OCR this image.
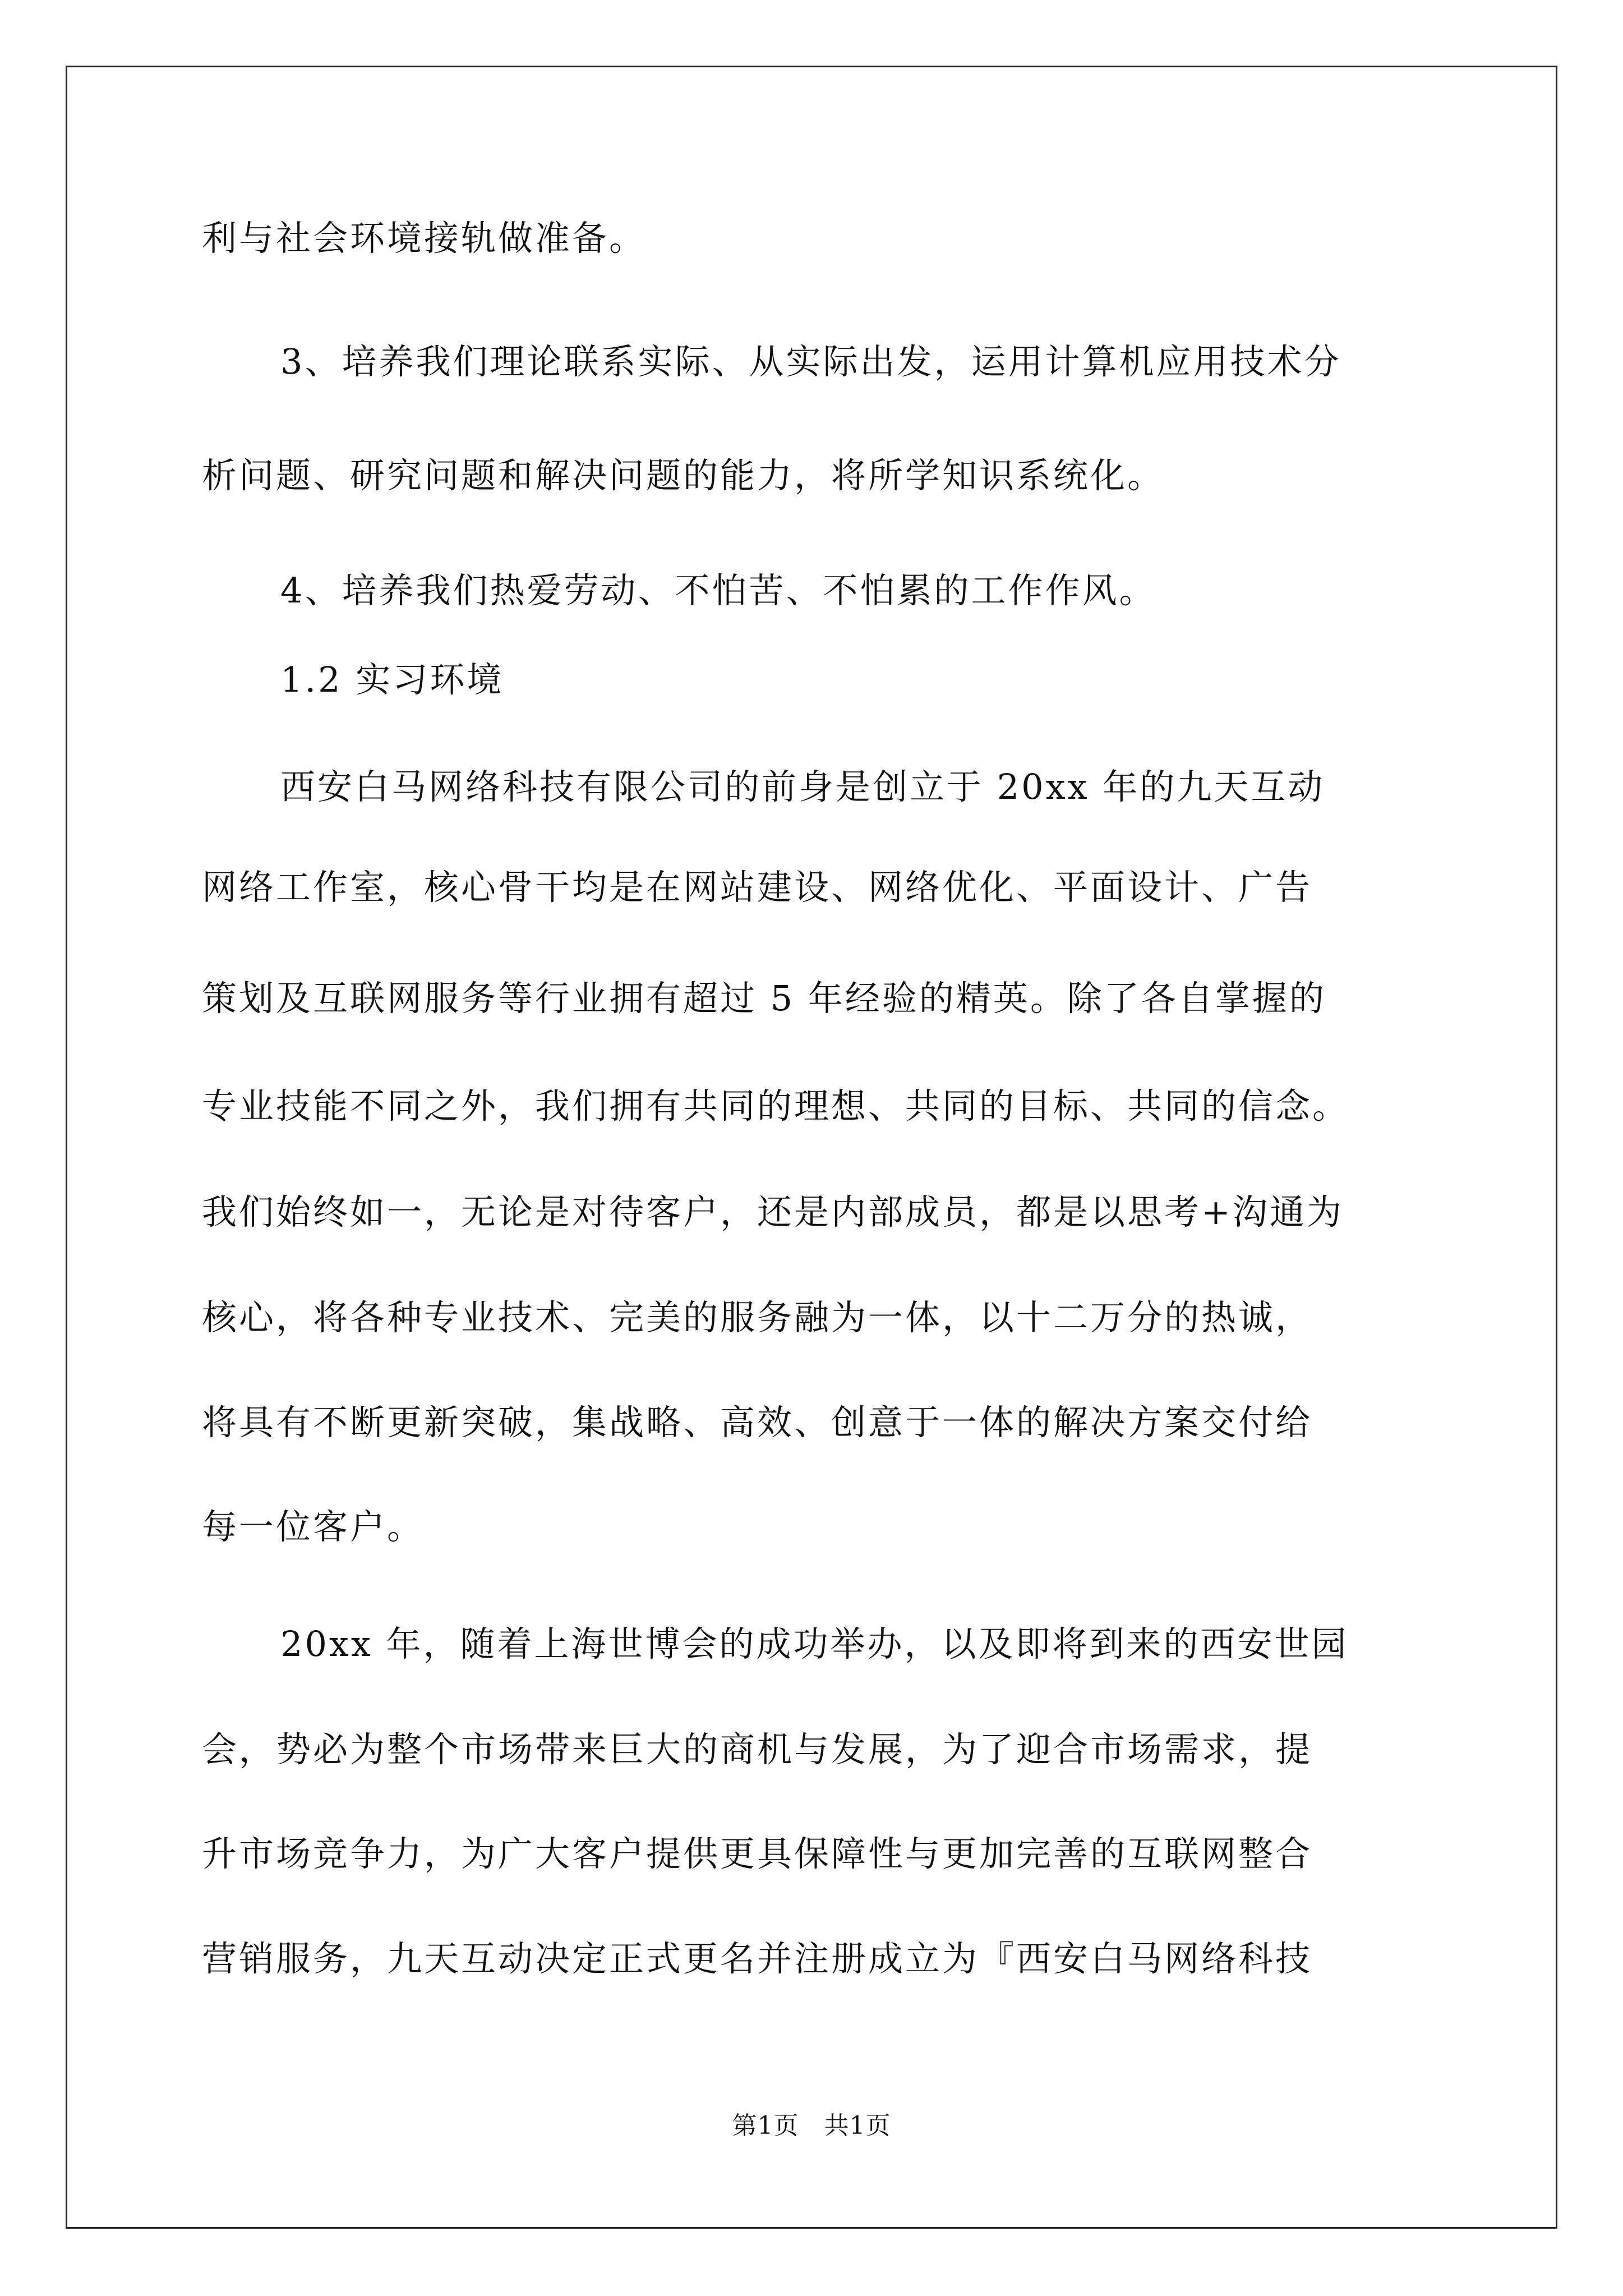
利与社会环境接轨做准备。
3、培养我们理论联系实际、从实际出发，运用计算机应用技术分
析问题、研究问题和解决问题的能力，将所学知识系统化。
4、培养我们热爱劳动、不怕苦、不怕累的工作作风。
1.2 实习环境
西安白马网络科技有限公司的前身是创立于 20xx 年的九天互动
网络工作室，核心骨干均是在网站建设、网络优化、平面设计、广告
策划及互联网服务等行业拥有超过 5 年经验的精英。除了各自掌握的
专业技能不同之外，我们拥有共同的理想、共同的目标、共同的信念。
我们始终如一，无论是对待客户，还是内部成员，都是以思考+沟通为
核心，将各种专业技术、完美的服务融为一体，以十二万分的热诚，
将具有不断更新突破，集战略、高效、创意于一体的解决方案交付给
每一位客户。
20xx 年，随着上海世博会的成功举办，以及即将到来的西安世园
会，势必为整个市场带来巨大的商机与发展，为了迎合市场需求，提
升市场竞争力，为广大客户提供更具保障性与更加完善的互联网整合
营销服务，九天互动决定正式更名并注册成立为『西安白马网络科技
第1页　共1页
